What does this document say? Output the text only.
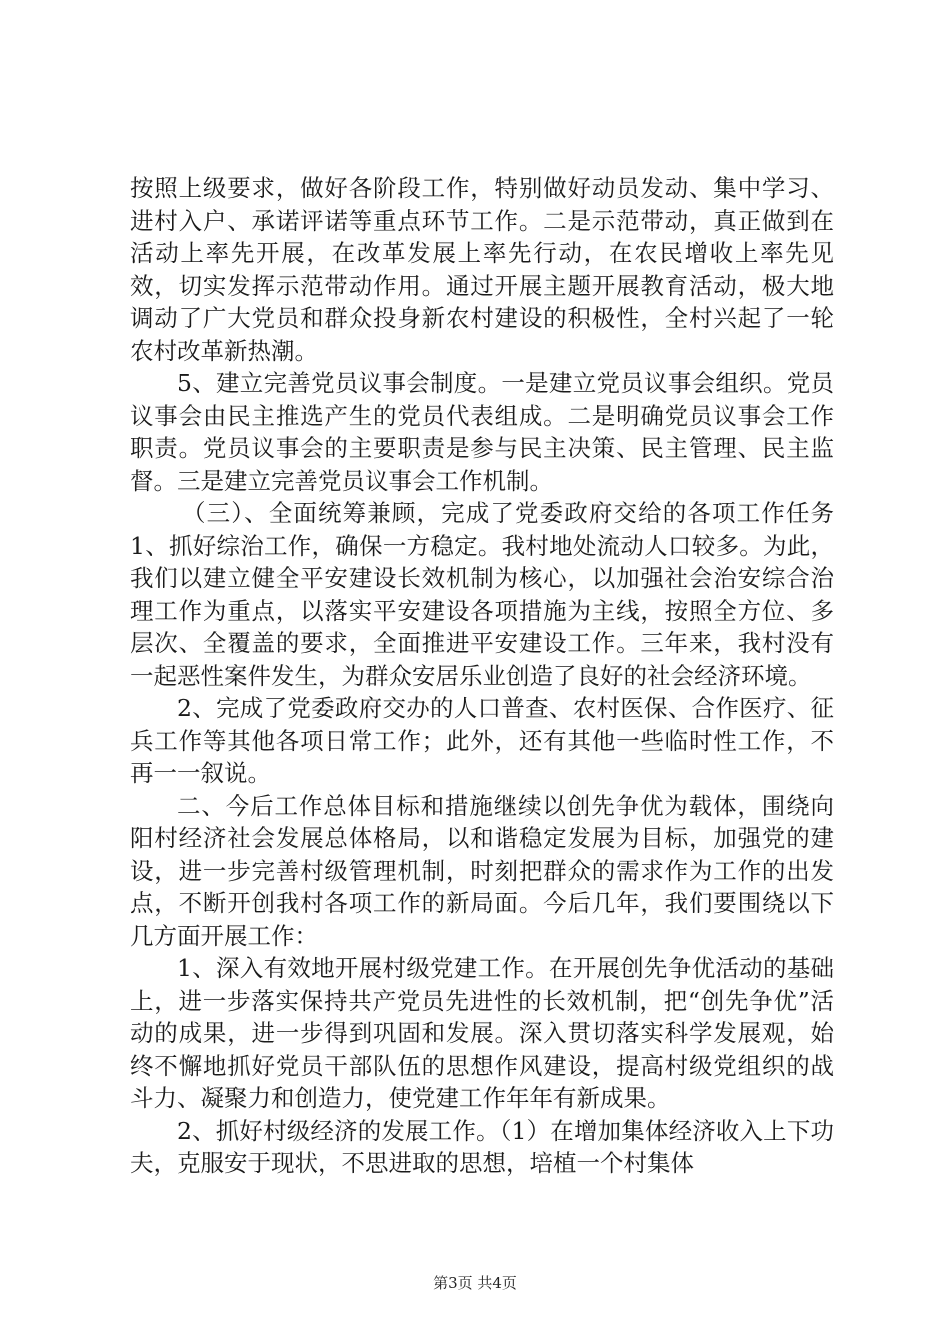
按照上级要求，做好各阶段工作，特别做好动员发动、集中学习、进村入户、承诺评诺等重点环节工作。二是示范带动，真正做到在活动上率先开展，在改革发展上率先行动，在农民增收上率先见效，切实发挥示范带动作用。通过开展主题开展教育活动，极大地调动了广大党员和群众投身新农村建设的积极性，全村兴起了一轮农村改革新热潮。

5、建立完善党员议事会制度。一是建立党员议事会组织。党员议事会由民主推选产生的党员代表组成。二是明确党员议事会工作职责。党员议事会的主要职责是参与民主决策、民主管理、民主监督。三是建立完善党员议事会工作机制。

（三）、全面统筹兼顾，完成了党委政府交给的各项工作任务1、抓好综治工作，确保一方稳定。我村地处流动人口较多。为此，我们以建立健全平安建设长效机制为核心，以加强社会治安综合治理工作为重点，以落实平安建设各项措施为主线，按照全方位、多层次、全覆盖的要求，全面推进平安建设工作。三年来，我村没有一起恶性案件发生，为群众安居乐业创造了良好的社会经济环境。

2、完成了党委政府交办的人口普查、农村医保、合作医疗、征兵工作等其他各项日常工作；此外，还有其他一些临时性工作，不再一一叙说。

二、今后工作总体目标和措施继续以创先争优为载体，围绕向阳村经济社会发展总体格局，以和谐稳定发展为目标，加强党的建设，进一步完善村级管理机制，时刻把群众的需求作为工作的出发点，不断开创我村各项工作的新局面。今后几年，我们要围绕以下几方面开展工作：

1、深入有效地开展村级党建工作。在开展创先争优活动的基础上，进一步落实保持共产党员先进性的长效机制，把“创先争优”活动的成果，进一步得到巩固和发展。深入贯切落实科学发展观，始终不懈地抓好党员干部队伍的思想作风建设，提高村级党组织的战斗力、凝聚力和创造力，使党建工作年年有新成果。

2、抓好村级经济的发展工作。（1）在增加集体经济收入上下功夫，克服安于现状，不思进取的思想，培植一个村集体

第3页 共4页
